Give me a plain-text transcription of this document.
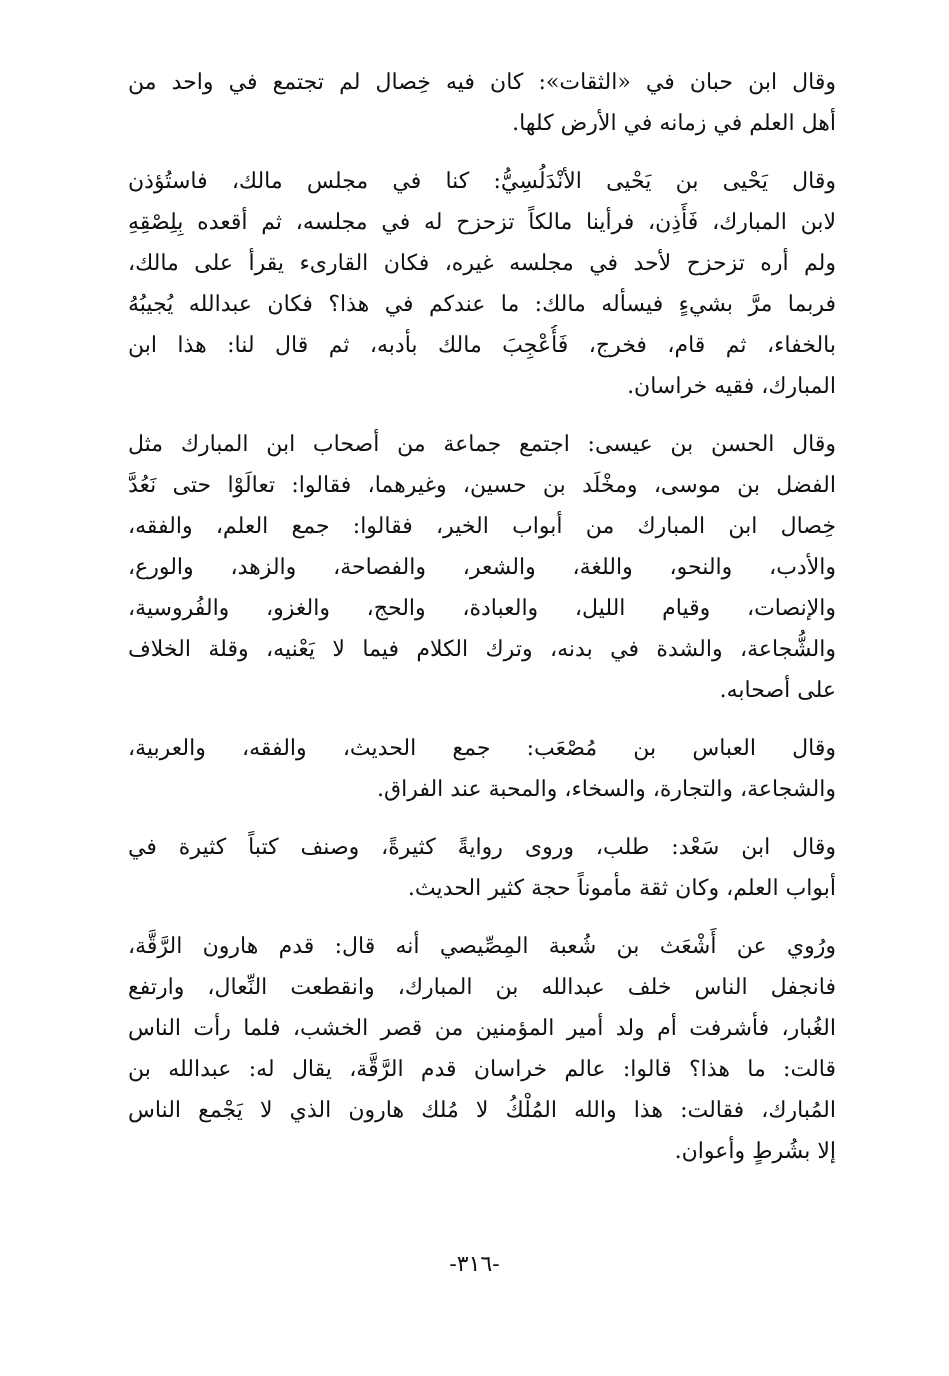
وقال ابن حبان في «الثقات»: كان فيه خِصال لم تجتمع في واحد من
أهل العلم في زمانه في الأرض كلها.

وقال يَحْيى بن يَحْيى الأنْدَلُسِيُّ: كنا في مجلس مالك، فاستُؤذن
لابن المبارك، فَأَذِن، فرأينا مالكاً تزحزح له في مجلسه، ثم أقعده بِلِصْقِهِ
ولم أره تزحزح لأحد في مجلسه غيره، فكان القارىء يقرأ على مالك،
فربما مرَّ بشيءٍ فيسأله مالك: ما عندكم في هذا؟ فكان عبدالله يُجيبُهُ
بالخفاء، ثم قام، فخرج، فَأُعْجِبَ مالك بأدبه، ثم قال لنا: هذا ابن
المبارك، فقيه خراسان.

وقال الحسن بن عيسى: اجتمع جماعة من أصحاب ابن المبارك مثل
الفضل بن موسى، ومخْلَد بن حسين، وغيرهما، فقالوا: تعالَوْا حتى نَعُدَّ
خِصال ابن المبارك من أبواب الخير، فقالوا: جمع العلم، والفقه،
والأدب، والنحو، واللغة، والشعر، والفصاحة، والزهد، والورع،
والإنصات، وقيام الليل، والعبادة، والحج، والغزو، والفُروسية،
والشُّجاعة، والشدة في بدنه، وترك الكلام فيما لا يَعْنيه، وقلة الخلاف
على أصحابه.

وقال العباس بن مُصْعَب: جمع الحديث، والفقه، والعربية،
والشجاعة، والتجارة، والسخاء، والمحبة عند الفراق.

وقال ابن سَعْد: طلب، وروى روايةً كثيرةً، وصنف كتباً كثيرة في
أبواب العلم، وكان ثقة مأموناً حجة كثير الحديث.

ورُوي عن أَشْعَث بن شُعبة المِصِّيصي أنه قال: قدم هارون الرَّقَّة،
فانجفل الناس خلف عبدالله بن المبارك، وانقطعت النِّعال، وارتفع
الغُبار، فأشرفت أم ولد أمير المؤمنين من قصر الخشب، فلما رأت الناس
قالت: ما هذا؟ قالوا: عالم خراسان قدم الرَّقَّة، يقال له: عبدالله بن
المُبارك، فقالت: هذا والله المُلْكُ لا مُلك هارون الذي لا يَجْمع الناس
إلا بشُرطٍ وأعوان.

-٣١٦-
